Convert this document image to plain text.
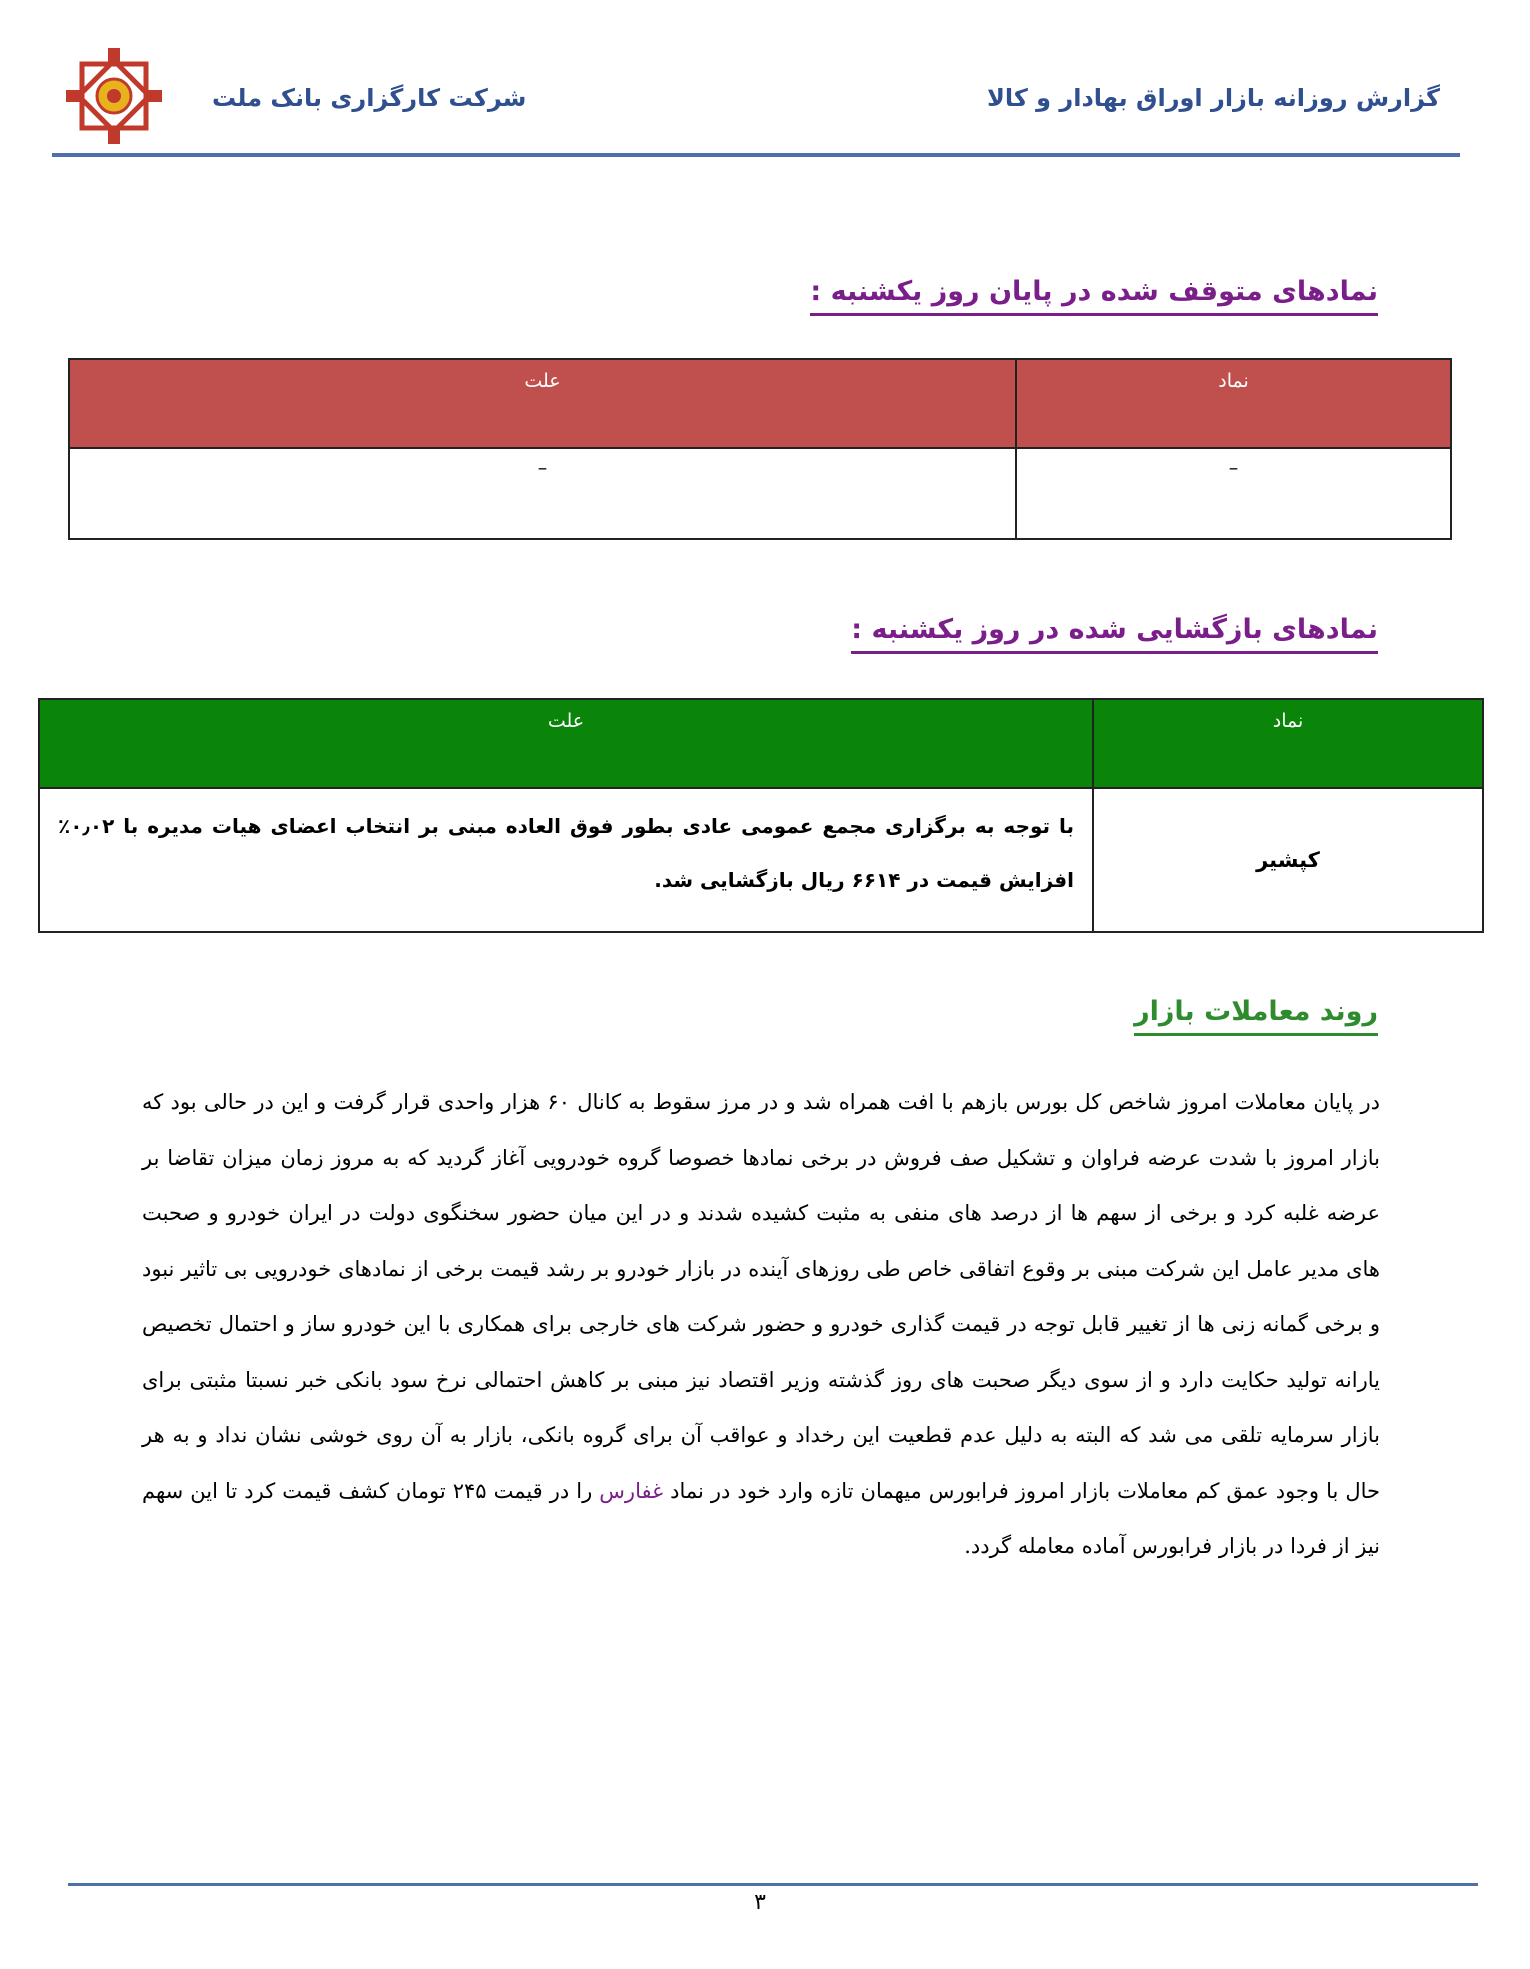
شرکت کارگزاری بانک ملت	گزارش روزانه بازار اوراق بهادار و کالا
نمادهای متوقف شده در پایان روز یکشنبه :
نماد	علت
–	–
نمادهای بازگشایی شده در روز یکشنبه :
نماد	علت
کپشیر	با توجه به برگزاری مجمع عمومی عادی بطور فوق العاده مبنی بر انتخاب اعضای هیات مدیره با ۰٫۰۲٪ افزایش قیمت در ۶۶۱۴ ریال بازگشایی شد.
روند معاملات بازار
در پایان معاملات امروز شاخص کل بورس بازهم با افت همراه شد و در مرز سقوط به کانال ۶۰ هزار واحدی قرار گرفت و این در حالی بود که بازار امروز با شدت عرضه فراوان و تشکیل صف فروش در برخی نمادها خصوصا گروه خودرویی آغاز گردید که به مروز زمان میزان تقاضا بر عرضه غلبه کرد و برخی از سهم ها از درصد های منفی به مثبت کشیده شدند و در این میان حضور سخنگوی دولت در ایران خودرو و صحبت های مدیر عامل این شرکت مبنی بر وقوع اتفاقی خاص طی روزهای آینده در بازار خودرو بر رشد قیمت برخی از نمادهای خودرویی بی تاثیر نبود و برخی گمانه زنی ها از تغییر قابل توجه در قیمت گذاری خودرو و حضور شرکت های خارجی برای همکاری با این خودرو ساز و احتمال تخصیص یارانه تولید حکایت دارد و از سوی دیگر صحبت های روز گذشته وزیر اقتصاد نیز مبنی بر کاهش احتمالی نرخ سود بانکی خبر نسبتا مثبتی برای بازار سرمایه تلقی می شد که البته به دلیل عدم قطعیت این رخداد و عواقب آن برای گروه بانکی، بازار به آن روی خوشی نشان نداد و به هر حال با وجود عمق کم معاملات بازار امروز فرابورس میهمان تازه وارد خود در نماد غفارس را در قیمت ۲۴۵ تومان کشف قیمت کرد تا این سهم نیز از فردا در بازار فرابورس آماده معامله گردد.
۳
